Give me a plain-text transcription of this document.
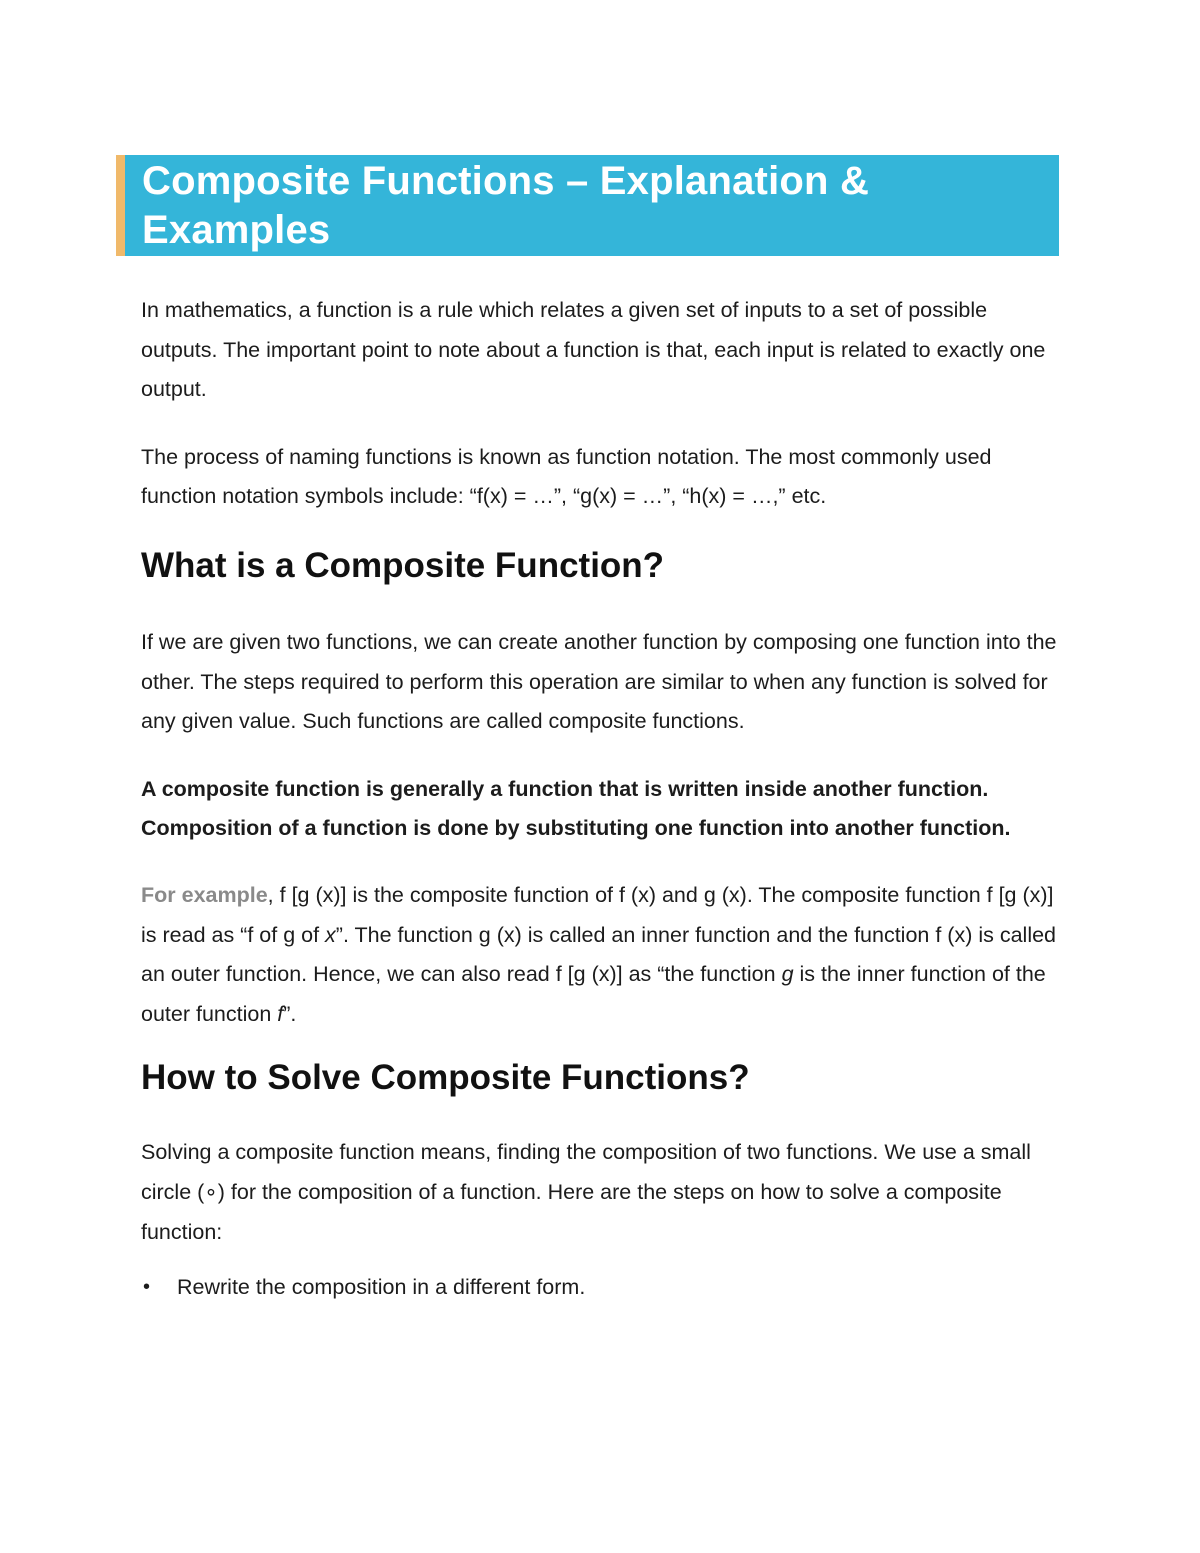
Composite Functions – Explanation & Examples

In mathematics, a function is a rule which relates a given set of inputs to a set of possible outputs. The important point to note about a function is that, each input is related to exactly one output.

The process of naming functions is known as function notation. The most commonly used function notation symbols include: “f(x) = …”, “g(x) = …”, “h(x) = …,” etc.

What is a Composite Function?

If we are given two functions, we can create another function by composing one function into the other. The steps required to perform this operation are similar to when any function is solved for any given value. Such functions are called composite functions.

A composite function is generally a function that is written inside another function. Composition of a function is done by substituting one function into another function.

For example, f [g (x)] is the composite function of f (x) and g (x). The composite function f [g (x)] is read as “f of g of x”. The function g (x) is called an inner function and the function f (x) is called an outer function. Hence, we can also read f [g (x)] as “the function g is the inner function of the outer function f”.

How to Solve Composite Functions?

Solving a composite function means, finding the composition of two functions. We use a small circle (∘) for the composition of a function. Here are the steps on how to solve a composite function:

• Rewrite the composition in a different form.
